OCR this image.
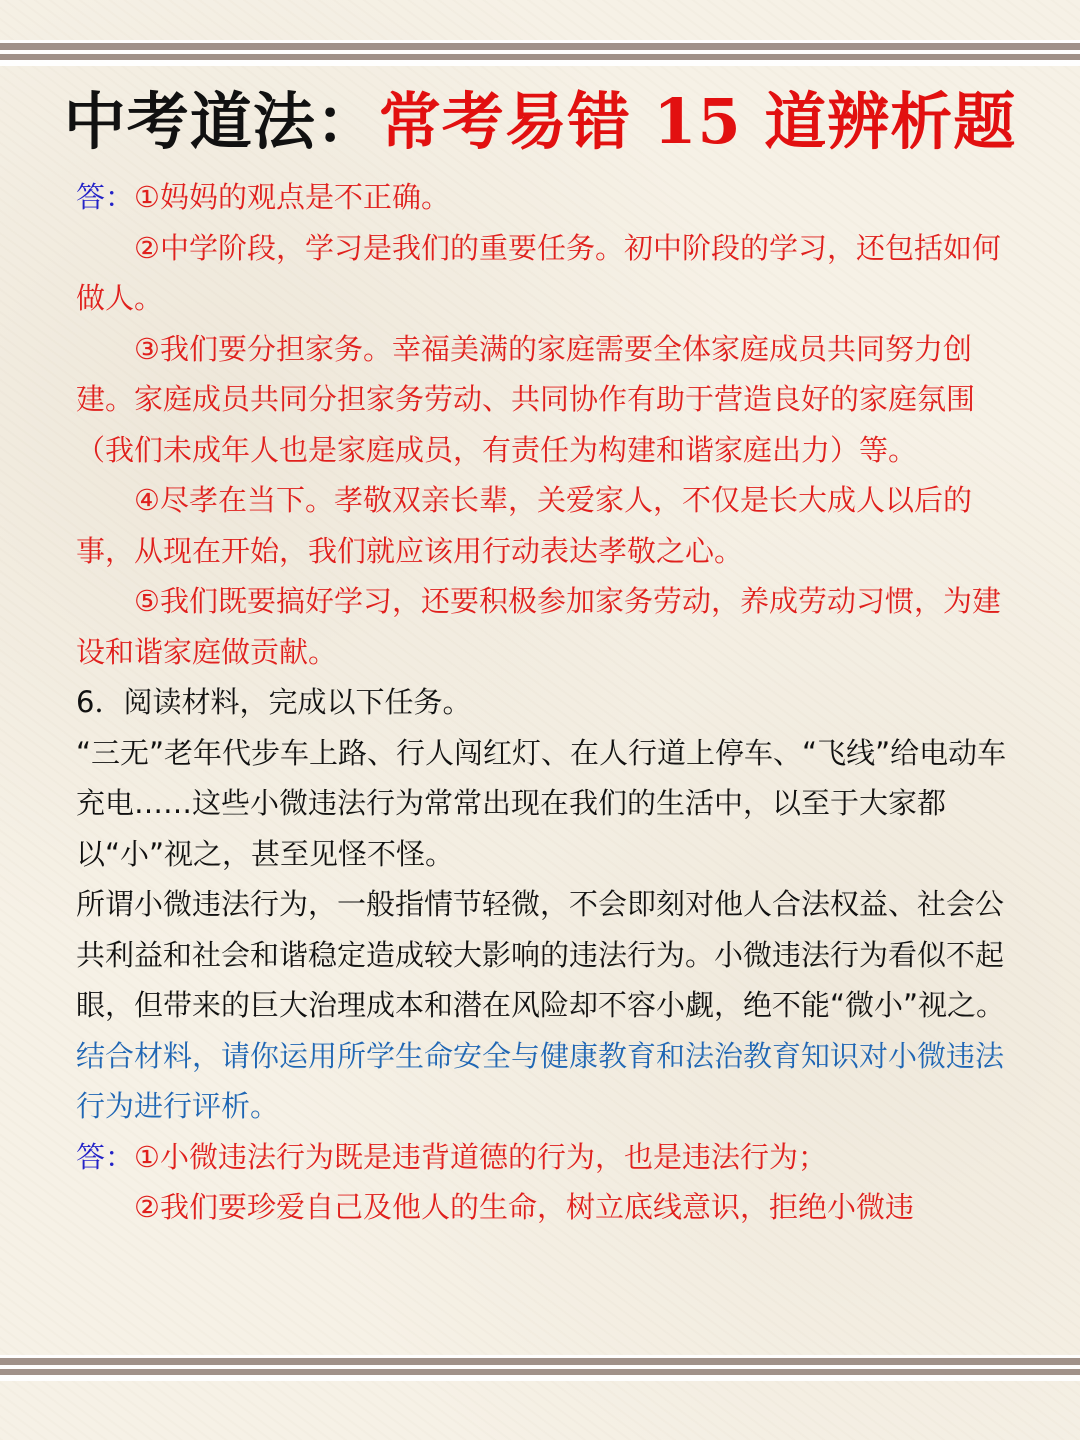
中考道法：常考易错 15 道辨析题

答：①妈妈的观点是不正确。

②中学阶段，学习是我们的重要任务。初中阶段的学习，还包括如何做人。

③我们要分担家务。幸福美满的家庭需要全体家庭成员共同努力创建。家庭成员共同分担家务劳动、共同协作有助于营造良好的家庭氛围（我们未成年人也是家庭成员，有责任为构建和谐家庭出力）等。

④尽孝在当下。孝敬双亲长辈，关爱家人，不仅是长大成人以后的事，从现在开始，我们就应该用行动表达孝敬之心。

⑤我们既要搞好学习，还要积极参加家务劳动，养成劳动习惯，为建设和谐家庭做贡献。

6．阅读材料，完成以下任务。

“三无”老年代步车上路、行人闯红灯、在人行道上停车、“飞线”给电动车充电……这些小微违法行为常常出现在我们的生活中，以至于大家都以“小”视之，甚至见怪不怪。

所谓小微违法行为，一般指情节轻微，不会即刻对他人合法权益、社会公共利益和社会和谐稳定造成较大影响的违法行为。小微违法行为看似不起眼，但带来的巨大治理成本和潜在风险却不容小觑，绝不能“微小”视之。

结合材料，请你运用所学生命安全与健康教育和法治教育知识对小微违法行为进行评析。

答：①小微违法行为既是违背道德的行为，也是违法行为；

②我们要珍爱自己及他人的生命，树立底线意识，拒绝小微违
